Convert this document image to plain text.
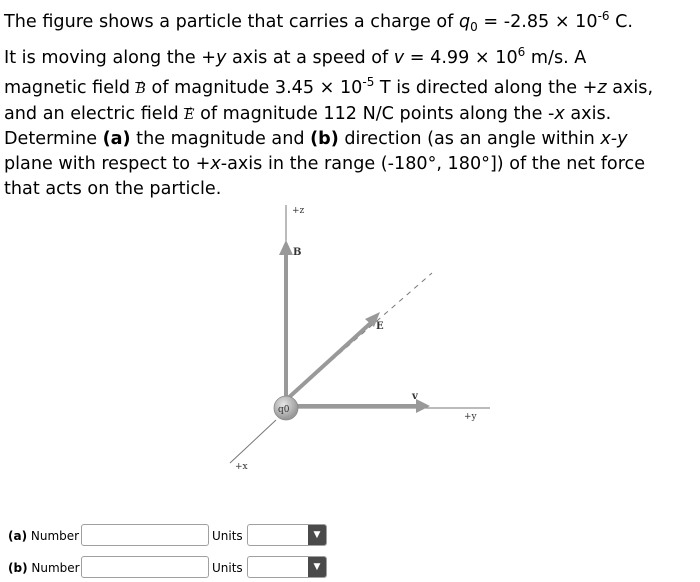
The figure shows a particle that carries a charge of $q_0 = -2.85 \times 10^{-6}$ C.
It is moving along the +y axis at a speed of $v = 4.99 \times 10^6$ m/s. A
magnetic field → B of magnitude $3.45 \times 10^{-5}$ T is directed along the +z axis,
and an electric field → E of magnitude 112 N/C points along the -x axis.
Determine (a) the magnitude and (b) direction (as an angle within x-y
plane with respect to +x-axis in the range (-180°, 180°]) of the net force
that acts on the particle.
+z
B
E
+y
v
+x
q0
(a) Number	Units	▼
(b) Number	Units	▼
